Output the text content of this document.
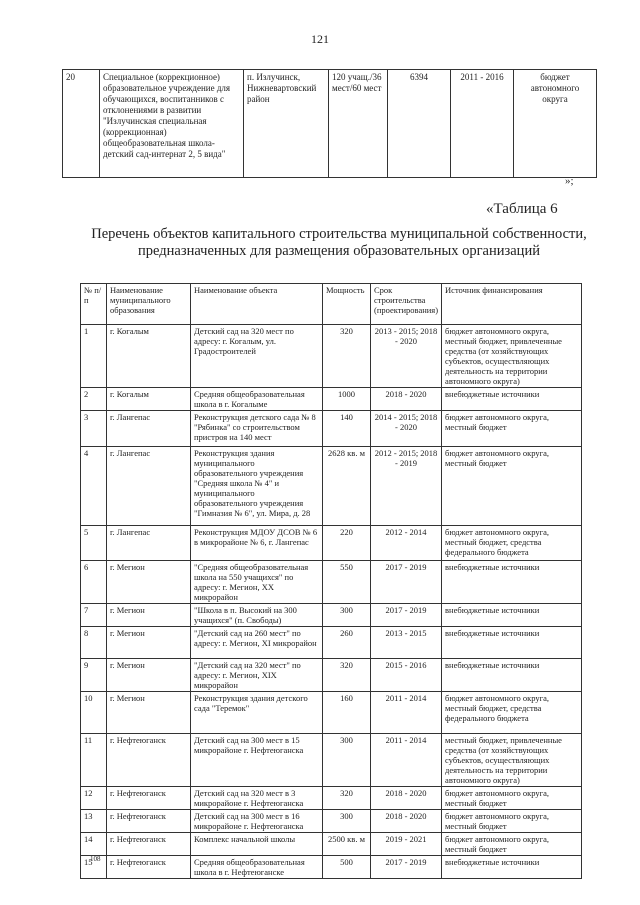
121
20	Специальное (коррекционное) образовательное учреждение для обучающихся, воспитанников с отклонениями в развитии "Излучинская специальная (коррекционная) общеобразовательная школа-детский сад-интернат 2, 5 вида"	п. Излучинск, Нижневартовский район	120 учащ./36 мест/60 мест	6394	2011 - 2016	бюджет автономного округа
»;
«Таблица 6
Перечень объектов капитального строительства муниципальной собственности,
предназначенных для размещения образовательных организаций
№ п/п	Наименование муниципального образования	Наименование объекта	Мощность	Срок строительства (проектирования)	Источник финансирования
1	г. Когалым	Детский сад на 320 мест по адресу: г. Когалым, ул. Градостроителей	320	2013 - 2015; 2018 - 2020	бюджет автономного округа, местный бюджет, привлеченные средства (от хозяйствующих субъектов, осуществляющих деятельность на территории автономного округа)
2	г. Когалым	Средняя общеобразовательная школа в г. Когалыме	1000	2018 - 2020	внебюджетные источники
3	г. Лангепас	Реконструкция детского сада № 8 "Рябинка" со строительством пристроя на 140 мест	140	2014 - 2015; 2018 - 2020	бюджет автономного округа, местный бюджет
4	г. Лангепас	Реконструкция здания муниципального образовательного учреждения "Средняя школа № 4" и муниципального образовательного учреждения "Гимназия № 6", ул. Мира, д. 28	2628 кв. м	2012 - 2015; 2018 - 2019	бюджет автономного округа, местный бюджет
5	г. Лангепас	Реконструкция МДОУ ДСОВ № 6 в микрорайоне № 6, г. Лангепас	220	2012 - 2014	бюджет автономного округа, местный бюджет, средства федерального бюджета
6	г. Мегион	"Средняя общеобразовательная школа на 550 учащихся" по адресу: г. Мегион, XX микрорайон	550	2017 - 2019	внебюджетные источники
7	г. Мегион	"Школа в п. Высокий на 300 учащихся" (п. Свободы)	300	2017 - 2019	внебюджетные источники
8	г. Мегион	"Детский сад на 260 мест" по адресу: г. Мегион, XI микрорайон	260	2013 - 2015	внебюджетные источники
9	г. Мегион	"Детский сад на 320 мест" по адресу: г. Мегион, XIX микрорайон	320	2015 - 2016	внебюджетные источники
10	г. Мегион	Реконструкция здания детского сада "Теремок"	160	2011 - 2014	бюджет автономного округа, местный бюджет, средства федерального бюджета
11	г. Нефтеюганск	Детский сад на 300 мест в 15 микрорайоне г. Нефтеюганска	300	2011 - 2014	местный бюджет, привлеченные средства (от хозяйствующих субъектов, осуществляющих деятельность на территории автономного округа)
12	г. Нефтеюганск	Детский сад на 320 мест в 3 микрорайоне г. Нефтеюганска	320	2018 - 2020	бюджет автономного округа, местный бюджет
13	г. Нефтеюганск	Детский сад на 300 мест в 16 микрорайоне г. Нефтеюганска	300	2018 - 2020	бюджет автономного округа, местный бюджет
14	г. Нефтеюганск	Комплекс начальной школы	2500 кв. м	2019 - 2021	бюджет автономного округа, местный бюджет
15	г. Нефтеюганск	Средняя общеобразовательная школа в г. Нефтеюганске	500	2017 - 2019	внебюджетные источники
108
